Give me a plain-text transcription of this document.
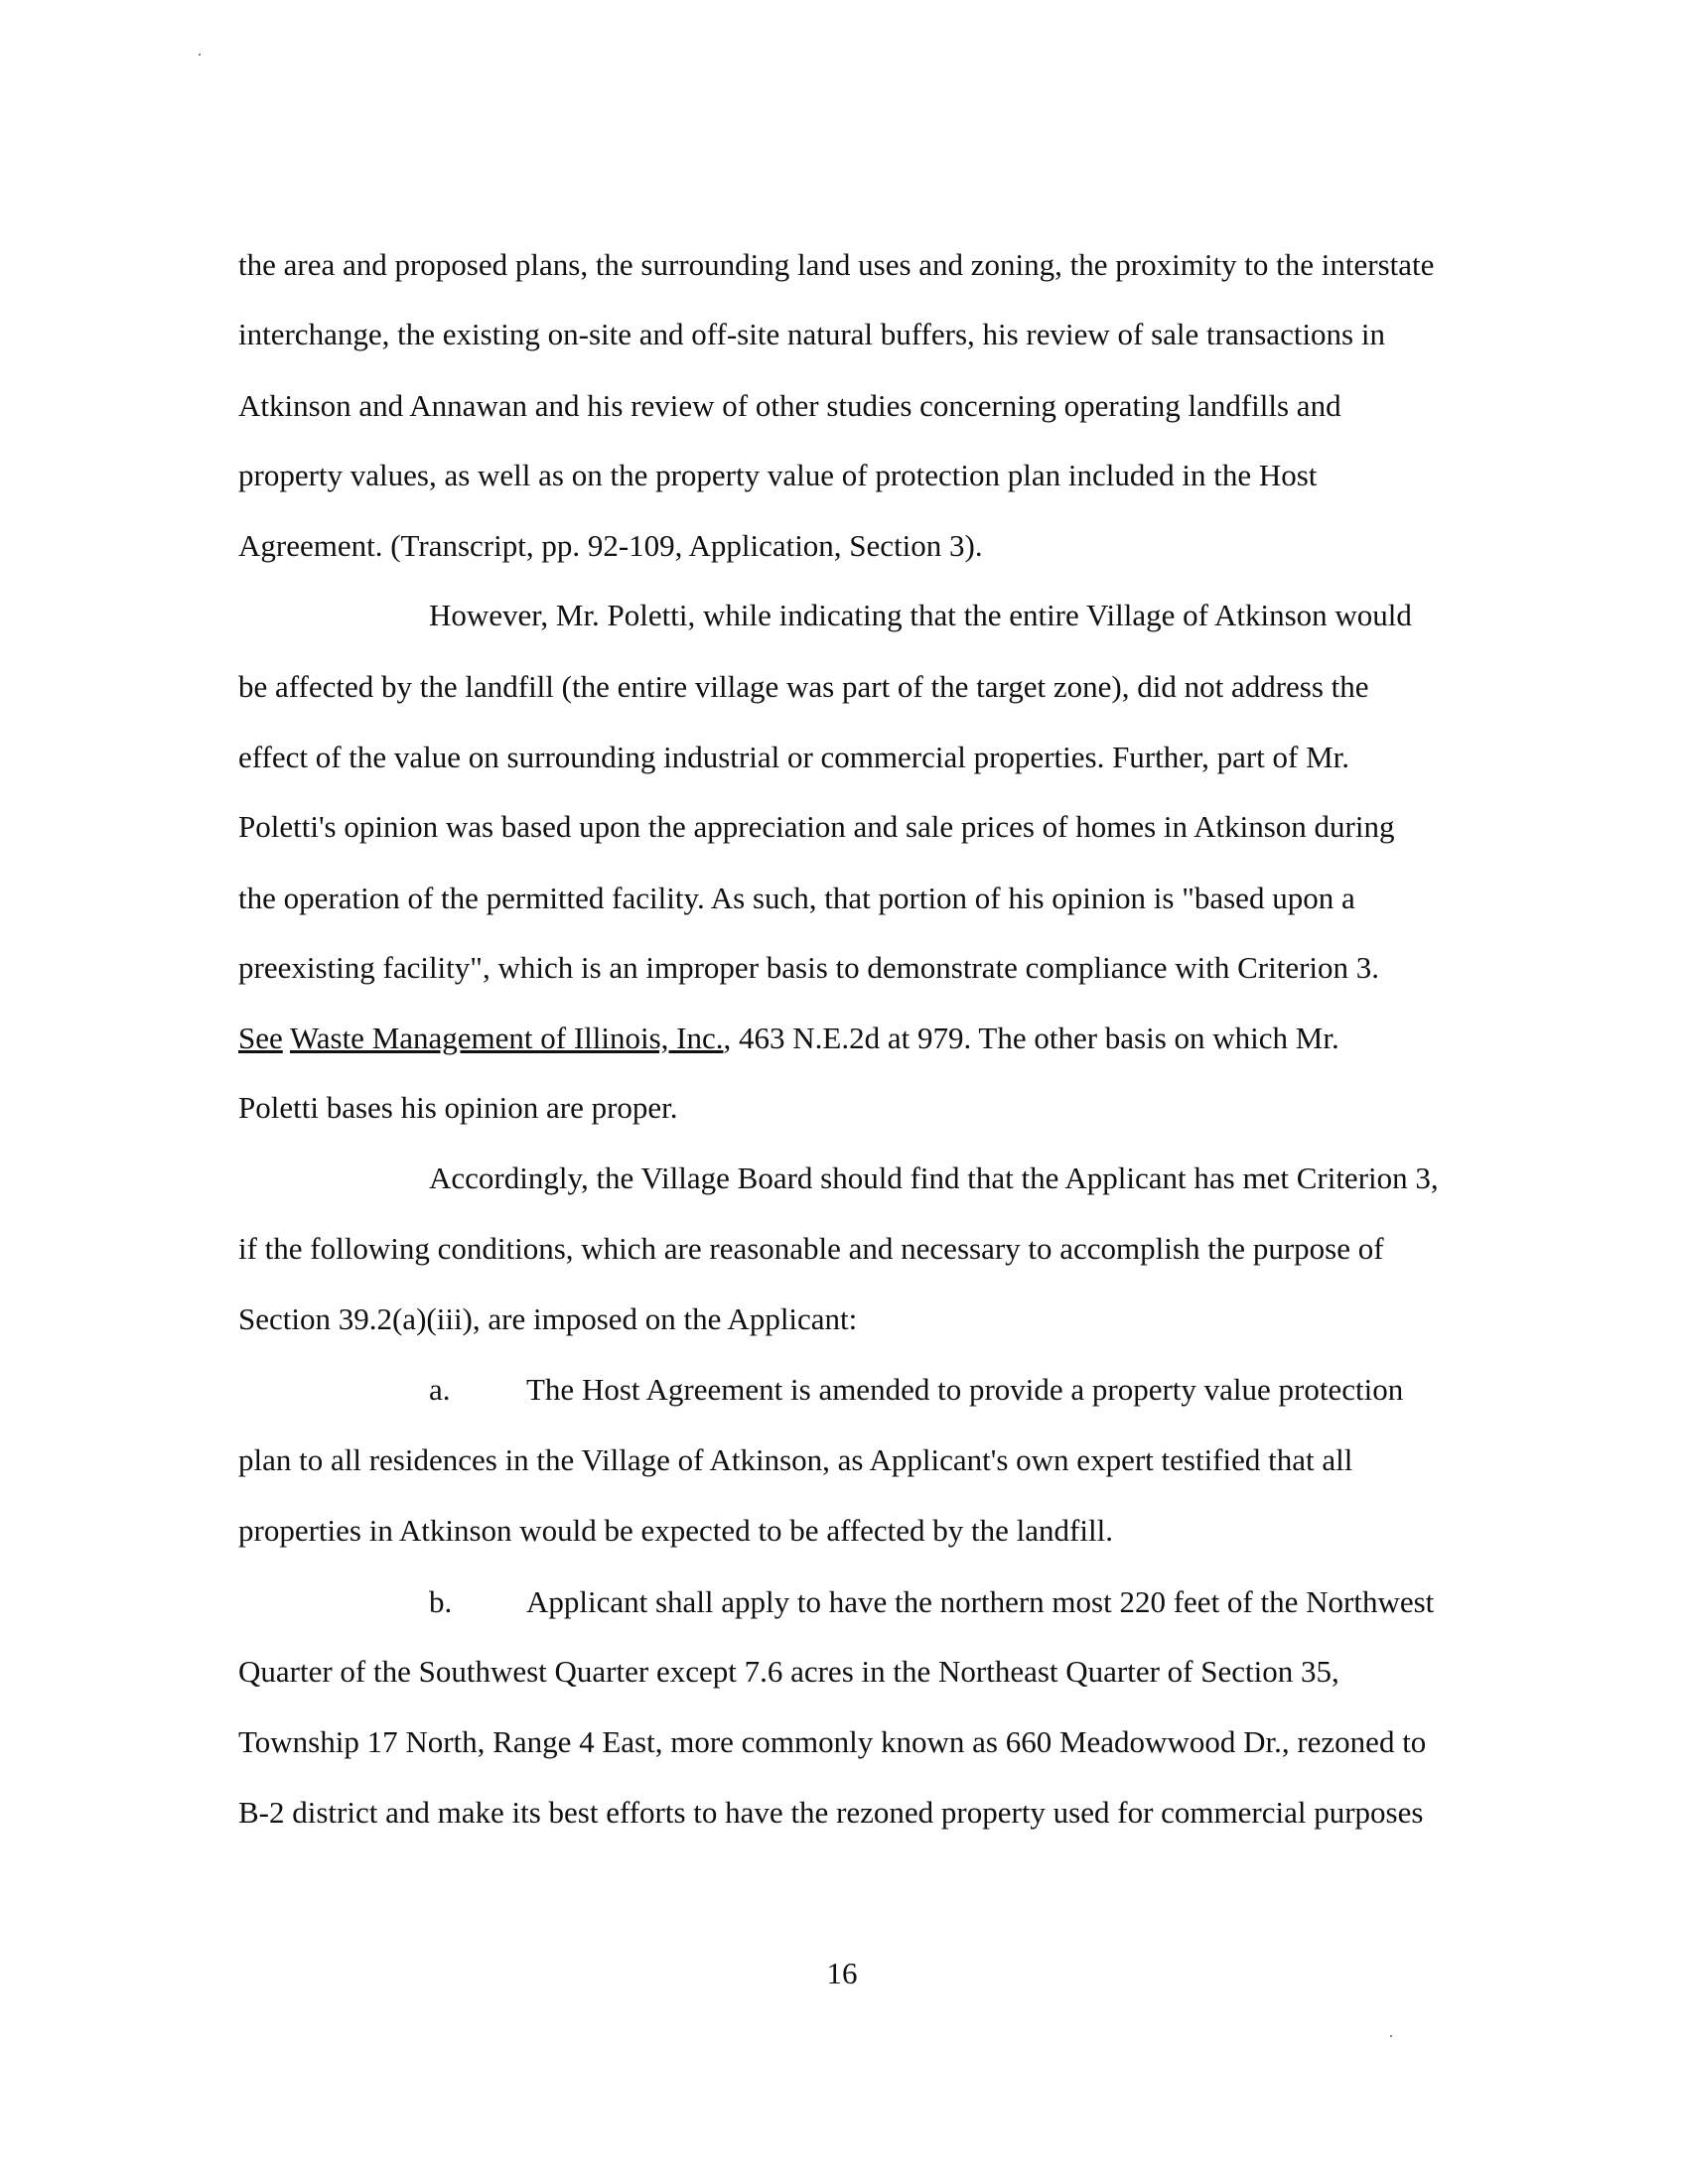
the area and proposed plans, the surrounding land uses and zoning, the proximity to the interstate
interchange, the existing on-site and off-site natural buffers, his review of sale transactions in
Atkinson and Annawan and his review of other studies concerning operating landfills and
property values, as well as on the property value of protection plan included in the Host
Agreement. (Transcript, pp. 92-109, Application, Section 3).
However, Mr. Poletti, while indicating that the entire Village of Atkinson would
be affected by the landfill (the entire village was part of the target zone), did not address the
effect of the value on surrounding industrial or commercial properties. Further, part of Mr.
Poletti's opinion was based upon the appreciation and sale prices of homes in Atkinson during
the operation of the permitted facility. As such, that portion of his opinion is "based upon a
preexisting facility", which is an improper basis to demonstrate compliance with Criterion 3.
See Waste Management of Illinois, Inc., 463 N.E.2d at 979. The other basis on which Mr.
Poletti bases his opinion are proper.
Accordingly, the Village Board should find that the Applicant has met Criterion 3,
if the following conditions, which are reasonable and necessary to accomplish the purpose of
Section 39.2(a)(iii), are imposed on the Applicant:
a. The Host Agreement is amended to provide a property value protection
plan to all residences in the Village of Atkinson, as Applicant's own expert testified that all
properties in Atkinson would be expected to be affected by the landfill.
b. Applicant shall apply to have the northern most 220 feet of the Northwest
Quarter of the Southwest Quarter except 7.6 acres in the Northeast Quarter of Section 35,
Township 17 North, Range 4 East, more commonly known as 660 Meadowwood Dr., rezoned to
B-2 district and make its best efforts to have the rezoned property used for commercial purposes
16
